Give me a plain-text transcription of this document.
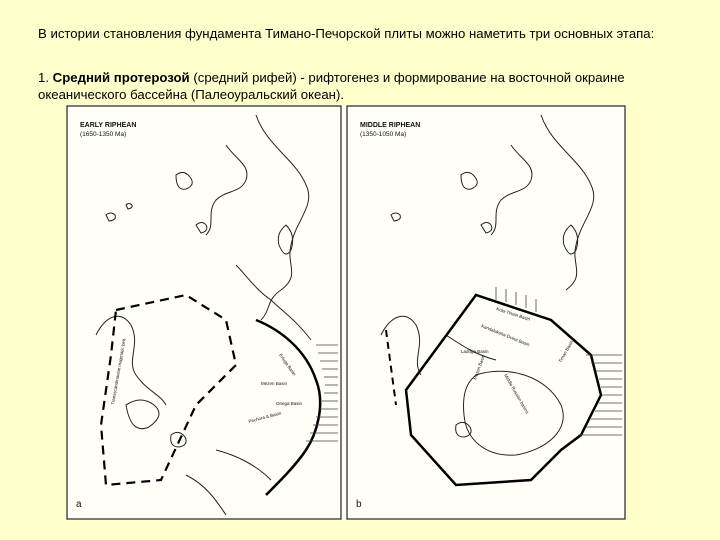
В истории становления фундамента Тимано-Печорской плиты можно наметить три основных этапа:

1. Средний протерозой (средний рифей) - рифтогенез и формирование на восточной окраине океанического бассейна (Палеоуральский океан).

EARLY RIPHEAN
(1650-1350 Ma)
Transscandinavian magmatic belt	Ertuga Basin
Mezen Basin
Onega Basin
Pechora & Basin
a
MIDDLE RIPHEAN
(1350-1050 Ma)
Kola-Timan Basin
Kandalaksha-Dvina Basin
Ladoga Basin
Mezen Basin
Middle Russian basins
Timan Basin
b
